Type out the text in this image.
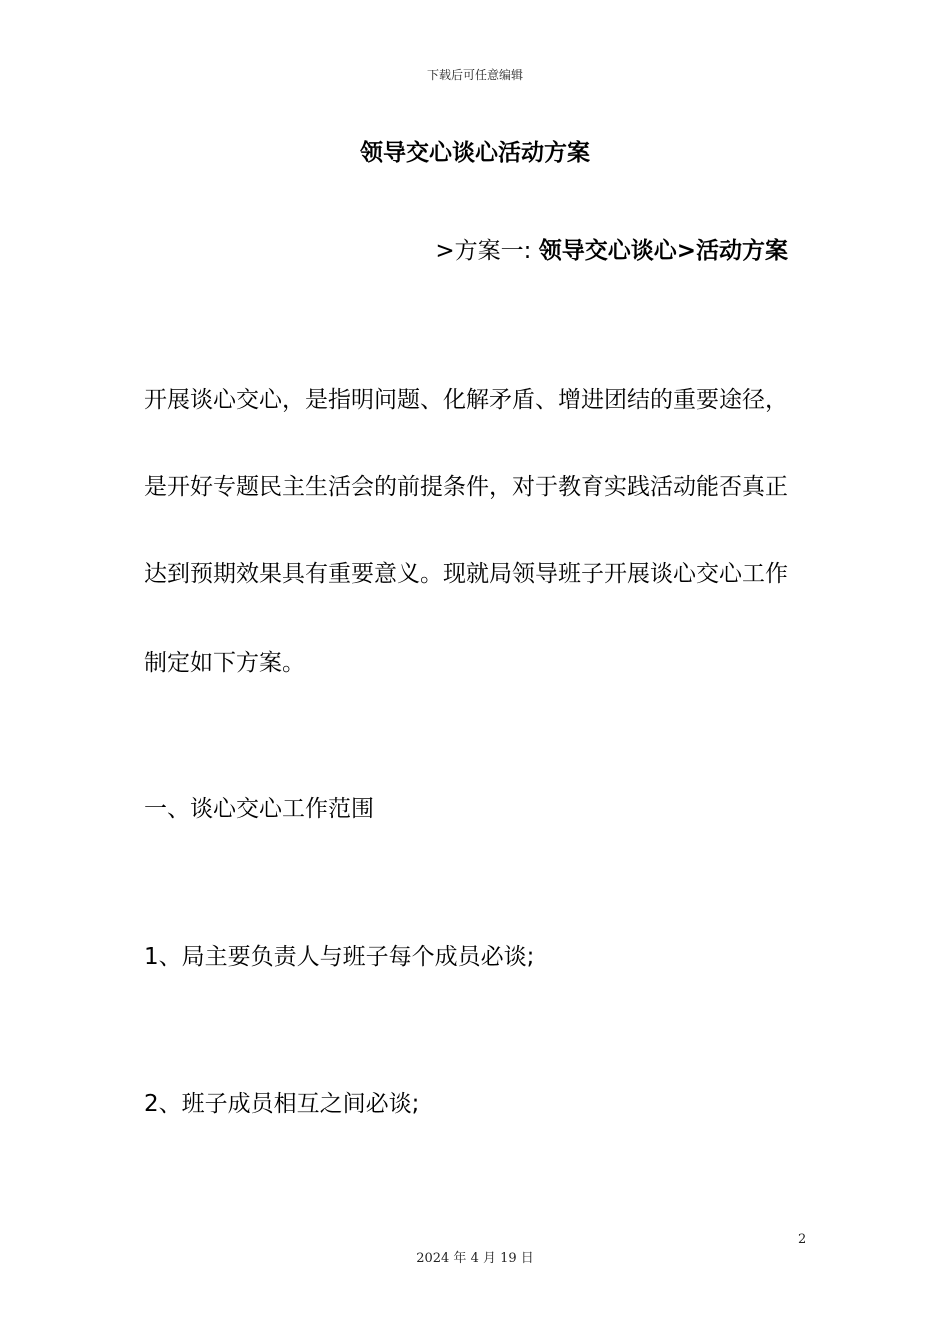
下载后可任意编辑
领导交心谈心活动方案
>方案一: 领导交心谈心>活动方案
开展谈心交心，是指明问题、化解矛盾、增进团结的重要途径，
是开好专题民主生活会的前提条件，对于教育实践活动能否真正
达到预期效果具有重要意义。现就局领导班子开展谈心交心工作
制定如下方案。
一、谈心交心工作范围
1、局主要负责人与班子每个成员必谈;
2、班子成员相互之间必谈;
2
2024 年 4 月 19 日
